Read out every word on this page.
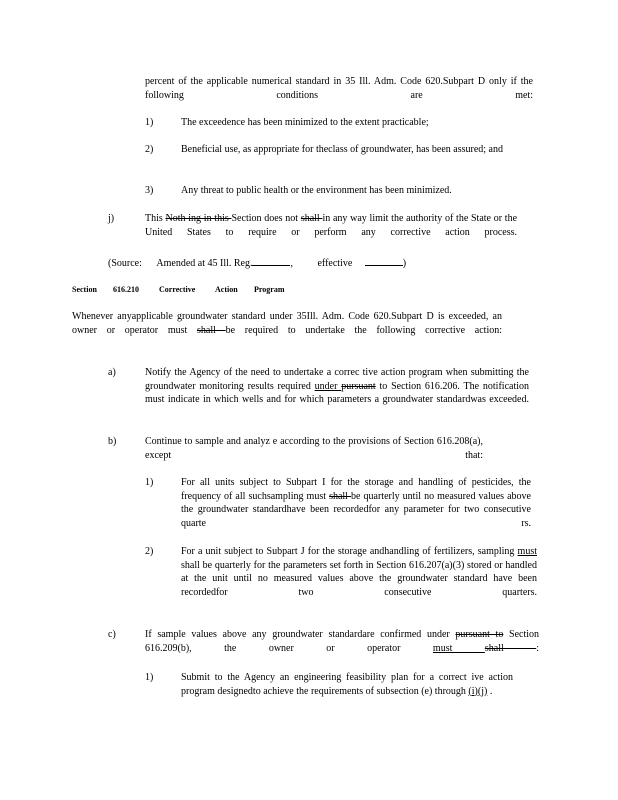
percent of the applicable numerical standard in 35 Ill. Adm. Code 620.Subpart D only if the following conditions are met:
1)	The exceedence has been minimized to the extent practicable;
2)	Beneficial use, as appropriate for theclass of groundwater, has been assured; and
3)	Any threat to public health or the environment has been minimized.
j)	This Noth ing in this Section does not shall in any way limit the authority of the State or the United States to require or perform any corrective action process.
(Source: Amended at 45 Ill. Reg.	, effective	)
Section 616.210	Corrective Action Program
Whenever anyapplicable groundwater standard under 35Ill. Adm. Code 620.Subpart D is exceeded, an owner or operator must shall be required to undertake the following corrective action:
a)	Notify the Agency of the need to undertake a correc tive action program when submitting the groundwater monitoring results required under pursuant to Section 616.206. The notification must indicate in which wells and for which parameters a groundwater standardwas exceeded.
b)	Continue to sample and analyz e according to the provisions of Section 616.208(a), except that:
1)	For all units subject to Subpart I for the storage and handling of pesticides, the frequency of all suchsampling must shall be quarterly until no measured values above the groundwater standardhave been recordedfor any parameter for two consecutive quarte rs.
2)	For a unit subject to Subpart J for the storage andhandling of fertilizers, sampling must shall be quarterly for the parameters set forth in Section 616.207(a)(3) stored or handled at the unit until no measured values above the groundwater standard have been recordedfor two consecutive quarters.
c)	If sample values above any groundwater standardare confirmed under pursuant to Section 616.209(b), the owner or operator must shall :
1)	Submit to the Agency an engineering feasibility plan for a correct ive action program designedto achieve the requirements of subsection (e) through (i)(j) .
